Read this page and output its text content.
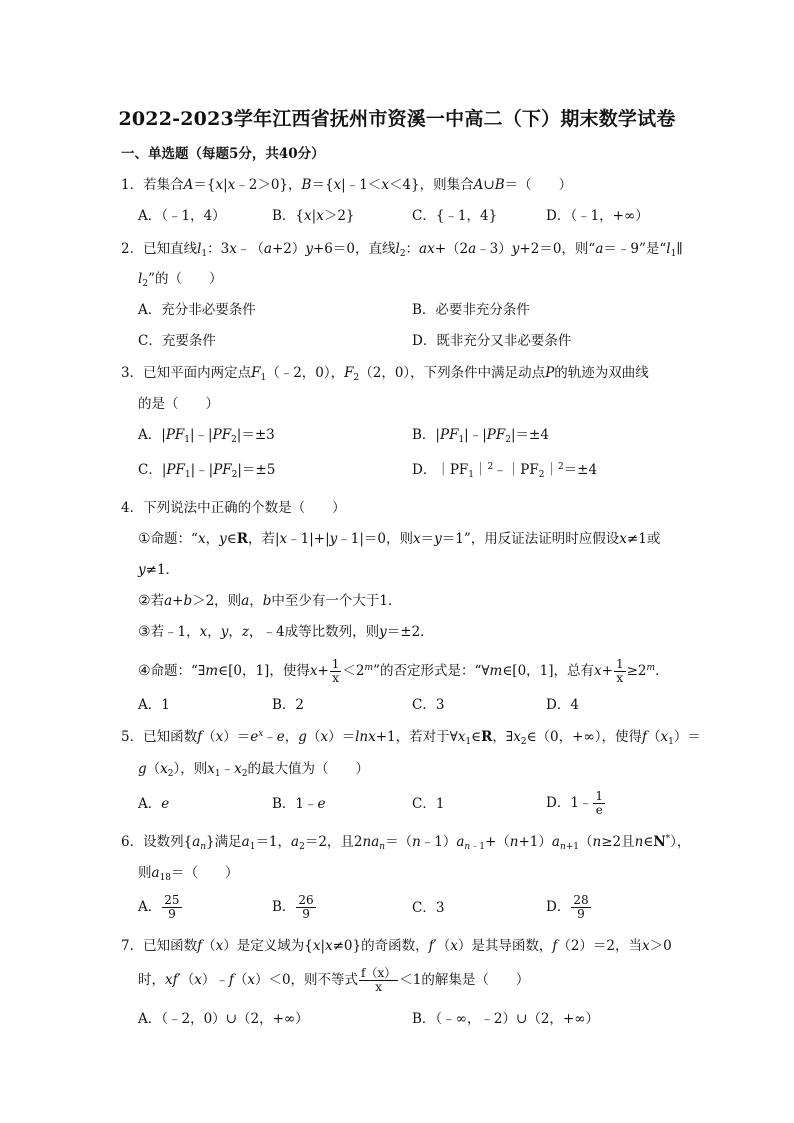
2022-2023学年江西省抚州市资溪一中高二（下）期末数学试卷
一、单选题（每题5分，共40分）
1．若集合A＝{x|x﹣2＞0}，B＝{x|﹣1＜x＜4}，则集合A∪B＝（　　）
A．（﹣1，4）	B．{x|x＞2}	C．{﹣1，4}	D．（﹣1，+∞）
2．已知直线$l_1$：3x﹣（a+2）y+6＝0，直线$l_2$：ax+（2a﹣3）y+2＝0，则“a＝﹣9”是“$l_1\parallel$
$l_2$”的（　　）
A．充分非必要条件	B．必要非充分条件
C．充要条件	D．既非充分又非必要条件
3．已知平面内两定点$F_1(﹣2$，0），$F_2(2$，0），下列条件中满足动点P的轨迹为双曲线
的是（　　）
A．$|PF_1|﹣|PF_2|=\pm 3$	B．$|PF_1|﹣|PF_2|=\pm 4$
C．$|PF_1|﹣|PF_2|=\pm 5$	D．$|PF_1|^2﹣|PF_2|^2=\pm 4$
4．下列说法中正确的个数是（　　）
①命题：“x，y∈R，若|x﹣1|+|y﹣1|＝0，则x＝y＝1”，用反证法证明时应假设x≠1或
y≠1．
②若a+b＞2，则a，b中至少有一个大于1．
③若﹣1，x，y，z，﹣4成等比数列，则y＝±2．
④命题：“∃m∈[0，1]，使得$x+ \frac{1}{x} <2^m$”的否定形式是：“∀m∈[0，1]，总有$x+ \frac{1}{x} \ge 2^m$．
A．1	B．2	C．3	D．4
5．已知函数$f(x)=e^x﹣e$，g（x）＝lnx+1，若对于$\forall x_1\in R$，$\exists x_2\in(0$，+∞），使得$f(x_1)=$
$g(x_2)$，则$x_1﹣x_2$的最大值为（　　）
A．e	B．1﹣e	C．1	D．1﹣ $\frac{1}{e}$
6．设数列$\{a_n\}$满足$a_1=1$，$a_2=2$，且$2na_n=(n﹣1)a_{n﹣1}+(n+1)a_{n+1}(n\ge 2$且n∈N*），
则$a_{18}=$（　　）
A． $\frac{25}{9}$	B． $\frac{26}{9}$	C．3	D． $\frac{28}{9}$
7．已知函数f（x）是定义域为{x|x≠0}的奇函数，f′（x）是其导函数，f（2）＝2，当x＞0
时，xf′（x）﹣f（x）＜0，则不等式 $\frac{f(x)}{x} <1$的解集是（　　）
A．（﹣2，0）∪（2，+∞）	B．（﹣∞，﹣2）∪（2，+∞）
